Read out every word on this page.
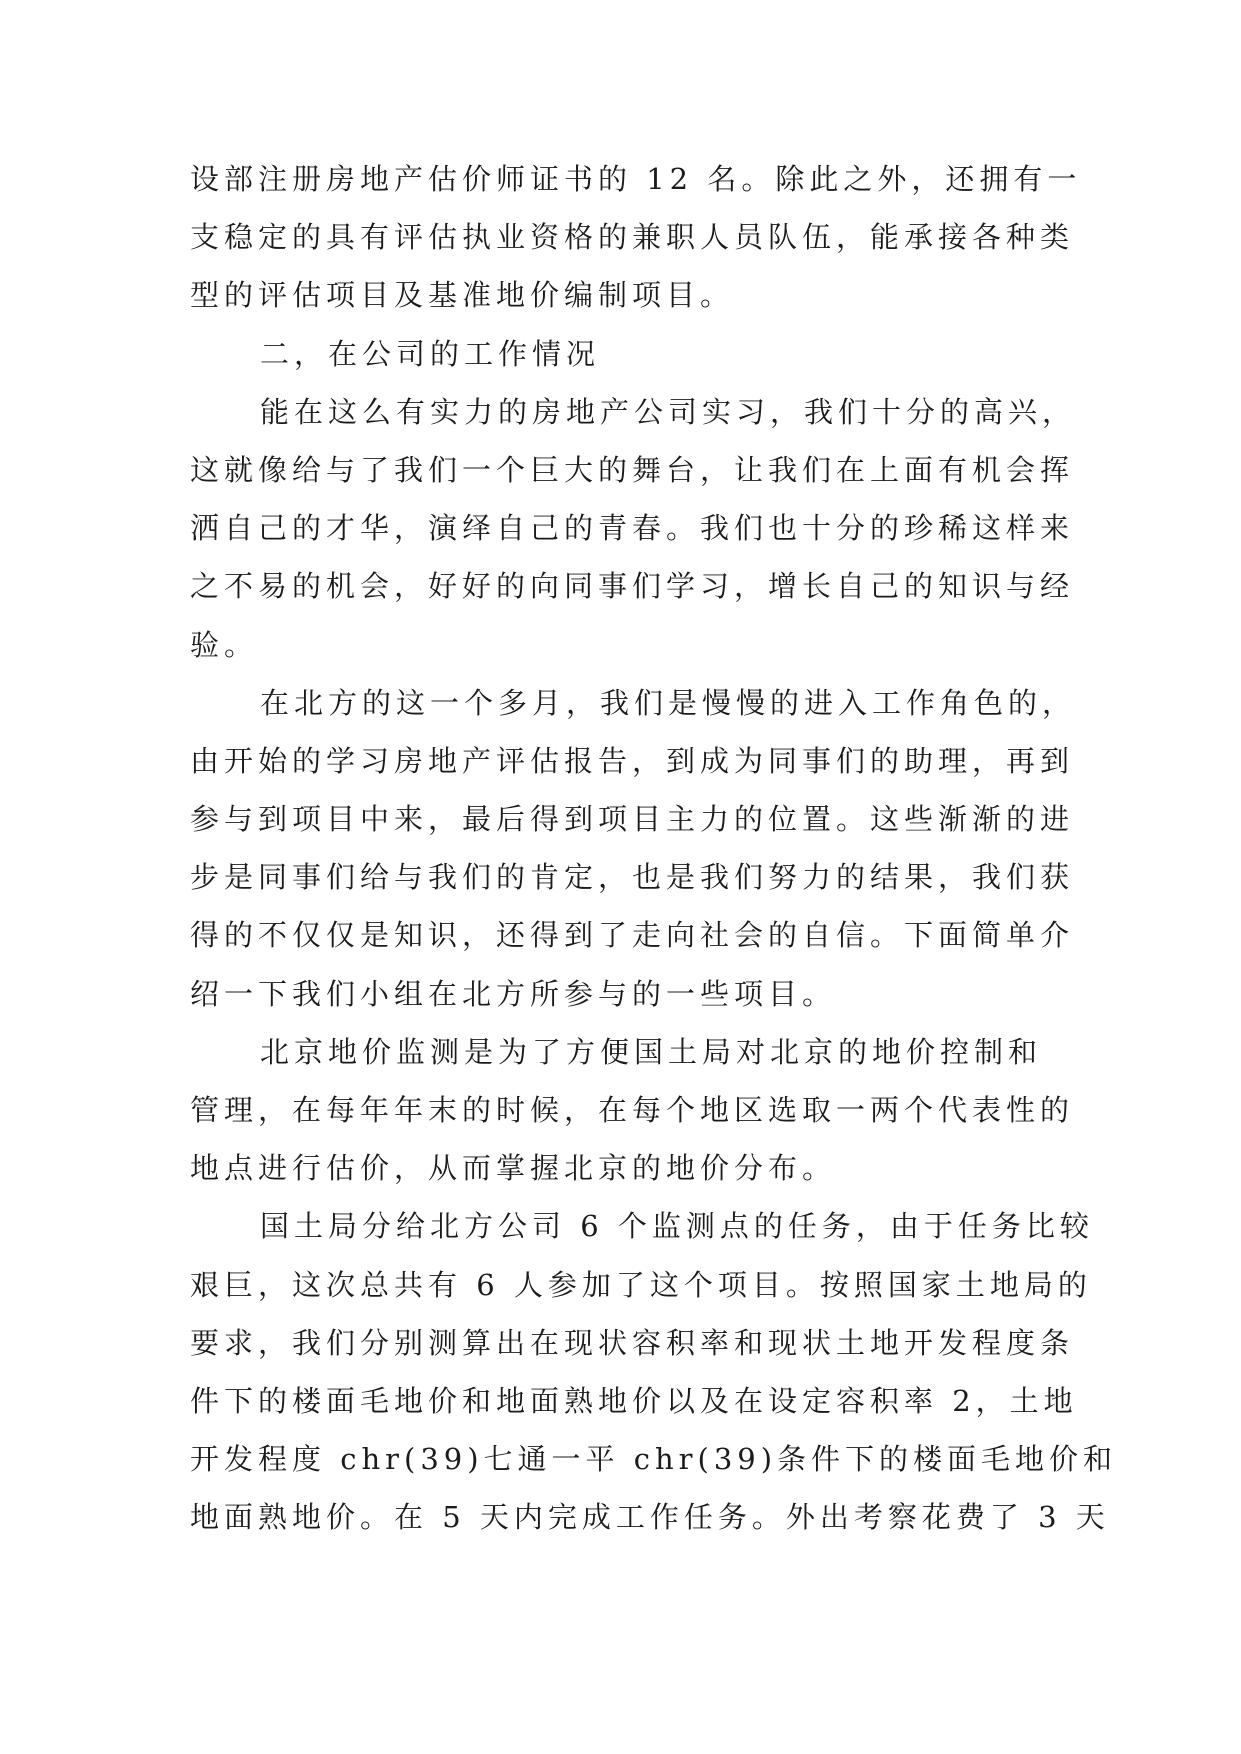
设部注册房地产估价师证书的 12 名。除此之外，还拥有一
支稳定的具有评估执业资格的兼职人员队伍，能承接各种类
型的评估项目及基准地价编制项目。
二，在公司的工作情况
能在这么有实力的房地产公司实习，我们十分的高兴，
这就像给与了我们一个巨大的舞台，让我们在上面有机会挥
洒自己的才华，演绎自己的青春。我们也十分的珍稀这样来
之不易的机会，好好的向同事们学习，增长自己的知识与经
验。
在北方的这一个多月，我们是慢慢的进入工作角色的，
由开始的学习房地产评估报告，到成为同事们的助理，再到
参与到项目中来，最后得到项目主力的位置。这些渐渐的进
步是同事们给与我们的肯定，也是我们努力的结果，我们获
得的不仅仅是知识，还得到了走向社会的自信。下面简单介
绍一下我们小组在北方所参与的一些项目。
北京地价监测是为了方便国土局对北京的地价控制和
管理，在每年年末的时候，在每个地区选取一两个代表性的
地点进行估价，从而掌握北京的地价分布。
国土局分给北方公司 6 个监测点的任务，由于任务比较
艰巨，这次总共有 6 人参加了这个项目。按照国家土地局的
要求，我们分别测算出在现状容积率和现状土地开发程度条
件下的楼面毛地价和地面熟地价以及在设定容积率 2，土地
开发程度 chr(39)七通一平 chr(39)条件下的楼面毛地价和
地面熟地价。在 5 天内完成工作任务。外出考察花费了 3 天
